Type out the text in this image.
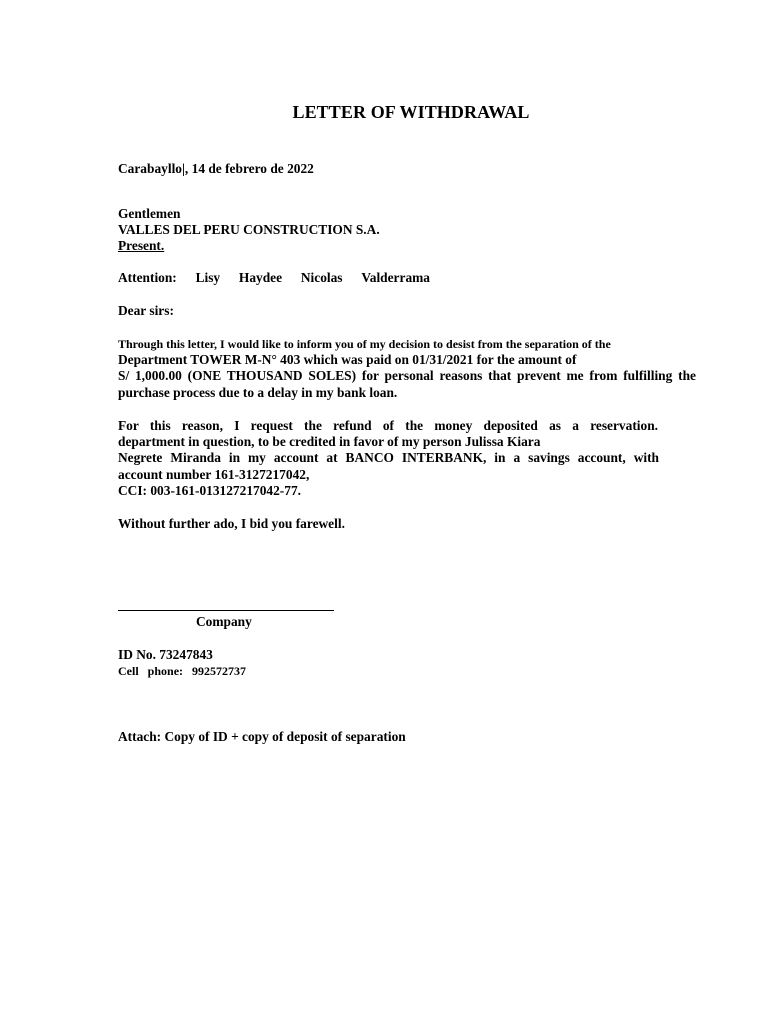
LETTER OF WITHDRAWAL
Carabayllo|, 14 de febrero de 2022
Gentlemen
VALLES DEL PERU CONSTRUCTION S.A.
Present.
Attention: Lisy Haydee Nicolas Valderrama
Dear sirs:
Through this letter, I would like to inform you of my decision to desist from the separation of the
Department TOWER M-N° 403 which was paid on 01/31/2021 for the amount of
S/ 1,000.00 (ONE THOUSAND SOLES) for personal reasons that prevent me from fulfilling the
purchase process due to a delay in my bank loan.
For this reason, I request the refund of the money deposited as a reservation.
department in question, to be credited in favor of my person Julissa Kiara
Negrete Miranda in my account at BANCO INTERBANK, in a savings account, with
account number 161-3127217042,
CCI: 003-161-013127217042-77.
Without further ado, I bid you farewell.
Company
ID No. 73247843
Cell phone: 992572737
Attach: Copy of ID + copy of deposit of separation
